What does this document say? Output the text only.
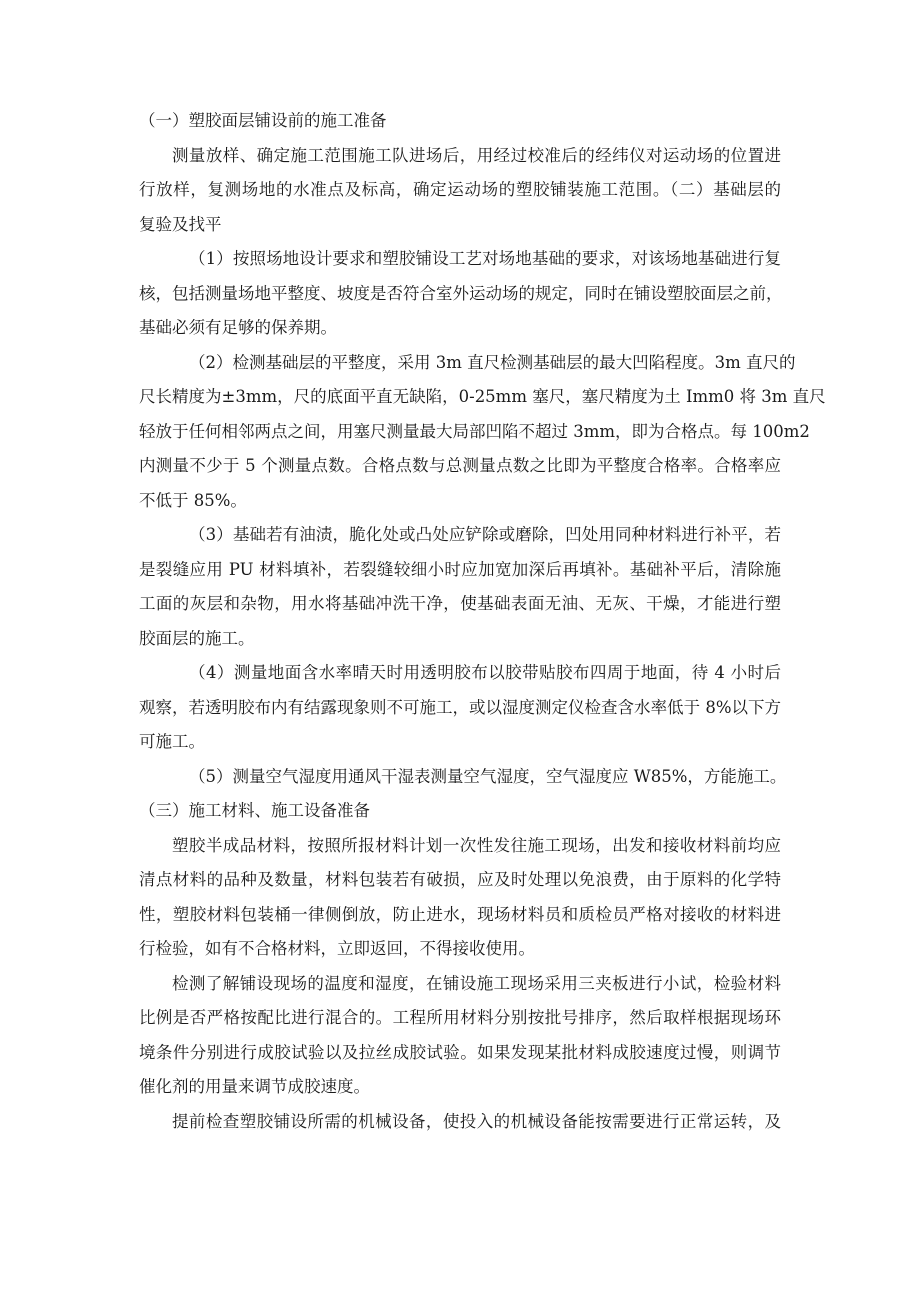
（一）塑胶面层铺设前的施工准备
测量放样、确定施工范围施工队进场后，用经过校准后的经纬仪对运动场的位置进
行放样，复测场地的水准点及标高，确定运动场的塑胶铺装施工范围。（二）基础层的
复验及找平
（1）按照场地设计要求和塑胶铺设工艺对场地基础的要求，对该场地基础进行复
核，包括测量场地平整度、坡度是否符合室外运动场的规定，同时在铺设塑胶面层之前，
基础必须有足够的保养期。
（2）检测基础层的平整度，采用 3m 直尺检测基础层的最大凹陷程度。3m 直尺的
尺长精度为±3mm，尺的底面平直无缺陷，0-25mm 塞尺，塞尺精度为土 Imm0 将 3m 直尺
轻放于任何相邻两点之间，用塞尺测量最大局部凹陷不超过 3mm，即为合格点。每 100m2
内测量不少于 5 个测量点数。合格点数与总测量点数之比即为平整度合格率。合格率应
不低于 85%。
（3）基础若有油渍，脆化处或凸处应铲除或磨除，凹处用同种材料进行补平，若
是裂缝应用 PU 材料填补，若裂缝较细小时应加宽加深后再填补。基础补平后，清除施
工面的灰层和杂物，用水将基础冲洗干净，使基础表面无油、无灰、干燥，才能进行塑
胶面层的施工。
（4）测量地面含水率晴天时用透明胶布以胶带贴胶布四周于地面，待 4 小时后
观察，若透明胶布内有结露现象则不可施工，或以湿度测定仪检查含水率低于 8%以下方
可施工。
（5）测量空气湿度用通风干湿表测量空气湿度，空气湿度应 W85%，方能施工。
（三）施工材料、施工设备准备
塑胶半成品材料，按照所报材料计划一次性发往施工现场，出发和接收材料前均应
清点材料的品种及数量，材料包装若有破损，应及时处理以免浪费，由于原料的化学特
性，塑胶材料包装桶一律侧倒放，防止进水，现场材料员和质检员严格对接收的材料进
行检验，如有不合格材料，立即返回，不得接收使用。
检测了解铺设现场的温度和湿度，在铺设施工现场采用三夹板进行小试，检验材料
比例是否严格按配比进行混合的。工程所用材料分别按批号排序，然后取样根据现场环
境条件分别进行成胶试验以及拉丝成胶试验。如果发现某批材料成胶速度过慢，则调节
催化剂的用量来调节成胶速度。
提前检查塑胶铺设所需的机械设备，使投入的机械设备能按需要进行正常运转，及
